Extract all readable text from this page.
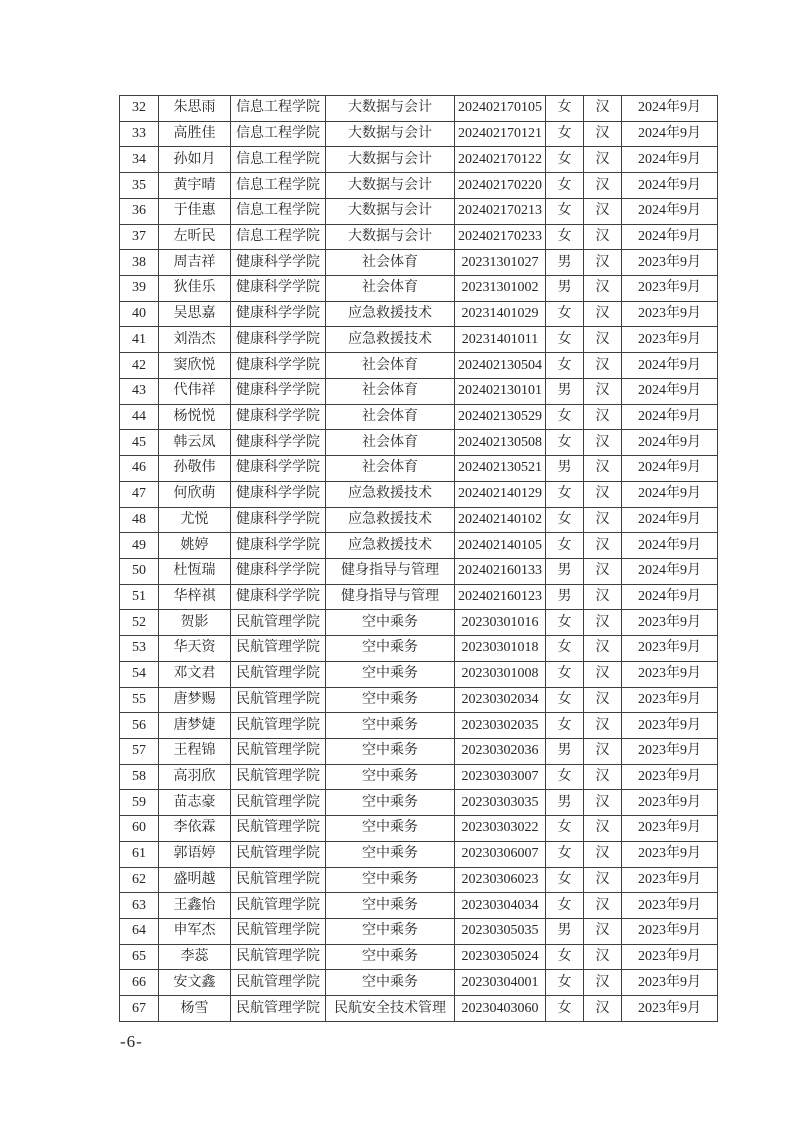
32	朱思雨	信息工程学院	大数据与会计	202402170105	女	汉	2024年9月
33	高胜佳	信息工程学院	大数据与会计	202402170121	女	汉	2024年9月
34	孙如月	信息工程学院	大数据与会计	202402170122	女	汉	2024年9月
35	黄宇晴	信息工程学院	大数据与会计	202402170220	女	汉	2024年9月
36	于佳惠	信息工程学院	大数据与会计	202402170213	女	汉	2024年9月
37	左昕民	信息工程学院	大数据与会计	202402170233	女	汉	2024年9月
38	周吉祥	健康科学学院	社会体育	20231301027	男	汉	2023年9月
39	狄佳乐	健康科学学院	社会体育	20231301002	男	汉	2023年9月
40	吴思嘉	健康科学学院	应急救援技术	20231401029	女	汉	2023年9月
41	刘浩杰	健康科学学院	应急救援技术	20231401011	女	汉	2023年9月
42	窦欣悦	健康科学学院	社会体育	202402130504	女	汉	2024年9月
43	代伟祥	健康科学学院	社会体育	202402130101	男	汉	2024年9月
44	杨悦悦	健康科学学院	社会体育	202402130529	女	汉	2024年9月
45	韩云凤	健康科学学院	社会体育	202402130508	女	汉	2024年9月
46	孙敬伟	健康科学学院	社会体育	202402130521	男	汉	2024年9月
47	何欣萌	健康科学学院	应急救援技术	202402140129	女	汉	2024年9月
48	尤悦	健康科学学院	应急救援技术	202402140102	女	汉	2024年9月
49	姚婷	健康科学学院	应急救援技术	202402140105	女	汉	2024年9月
50	杜恆瑞	健康科学学院	健身指导与管理	202402160133	男	汉	2024年9月
51	华梓祺	健康科学学院	健身指导与管理	202402160123	男	汉	2024年9月
52	贺影	民航管理学院	空中乘务	20230301016	女	汉	2023年9月
53	华天资	民航管理学院	空中乘务	20230301018	女	汉	2023年9月
54	邓文君	民航管理学院	空中乘务	20230301008	女	汉	2023年9月
55	唐梦赐	民航管理学院	空中乘务	20230302034	女	汉	2023年9月
56	唐梦婕	民航管理学院	空中乘务	20230302035	女	汉	2023年9月
57	王程锦	民航管理学院	空中乘务	20230302036	男	汉	2023年9月
58	高羽欣	民航管理学院	空中乘务	20230303007	女	汉	2023年9月
59	苗志豪	民航管理学院	空中乘务	20230303035	男	汉	2023年9月
60	李依霖	民航管理学院	空中乘务	20230303022	女	汉	2023年9月
61	郭语婷	民航管理学院	空中乘务	20230306007	女	汉	2023年9月
62	盛明越	民航管理学院	空中乘务	20230306023	女	汉	2023年9月
63	王鑫怡	民航管理学院	空中乘务	20230304034	女	汉	2023年9月
64	申军杰	民航管理学院	空中乘务	20230305035	男	汉	2023年9月
65	李蕊	民航管理学院	空中乘务	20230305024	女	汉	2023年9月
66	安文鑫	民航管理学院	空中乘务	20230304001	女	汉	2023年9月
67	杨雪	民航管理学院	民航安全技术管理	20230403060	女	汉	2023年9月
-6-
